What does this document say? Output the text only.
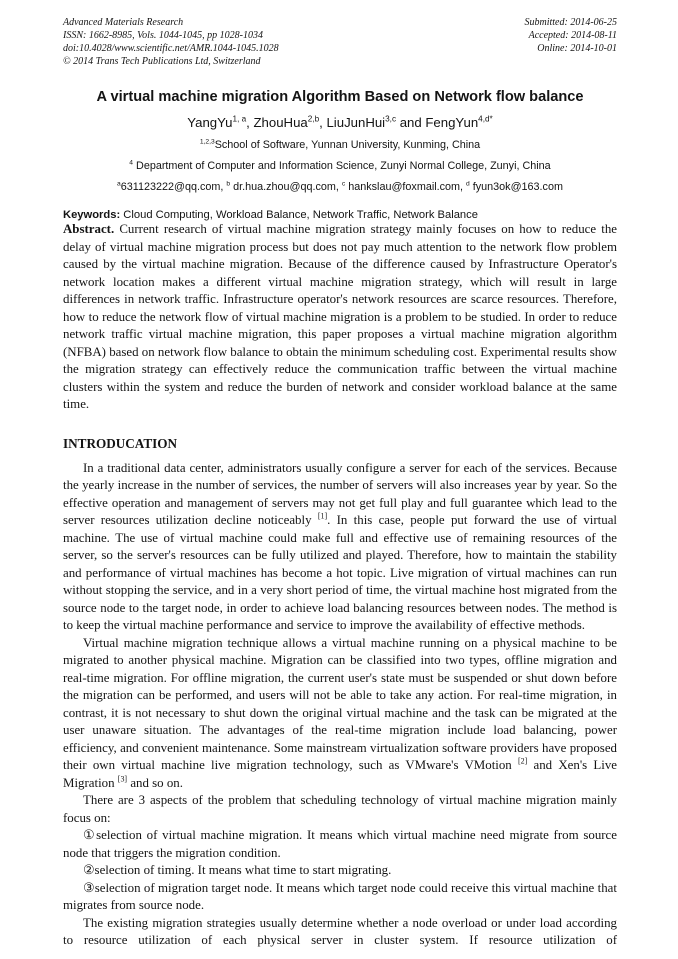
Advanced Materials Research
ISSN: 1662-8985, Vols. 1044-1045, pp 1028-1034
doi:10.4028/www.scientific.net/AMR.1044-1045.1028
© 2014 Trans Tech Publications Ltd, Switzerland
Submitted: 2014-06-25
Accepted: 2014-08-11
Online: 2014-10-01
A virtual machine migration Algorithm Based on Network flow balance
YangYu$^{1, a}$, ZhouHua$^{2,b}$, LiuJunHui$^{3,c}$ and FengYun$^{4,d*}$
$^{1,2,3}$School of Software, Yunnan University, Kunming, China
$^4$ Department of Computer and Information Science, Zunyi Normal College, Zunyi, China
$^a$631123222@qq.com, $^b$ dr.hua.zhou@qq.com, $^c$ hankslau@foxmail.com, $^d$ fyun3ok@163.com
Keywords: Cloud Computing, Workload Balance, Network Traffic, Network Balance

Abstract. Current research of virtual machine migration strategy mainly focuses on how to reduce the delay of virtual machine migration process but does not pay much attention to the network flow problem caused by the virtual machine migration. Because of the difference caused by Infrastructure Operator's network location makes a different virtual machine migration strategy, which will result in large differences in network traffic. Infrastructure operator's network resources are scarce resources. Therefore, how to reduce the network flow of virtual machine migration is a problem to be studied. In order to reduce network traffic virtual machine migration, this paper proposes a virtual machine migration algorithm (NFBA) based on network flow balance to obtain the minimum scheduling cost. Experimental results show the migration strategy can effectively reduce the communication traffic between the virtual machine clusters within the system and reduce the burden of network and consider workload balance at the same time.

INTRODUCATION

In a traditional data center, administrators usually configure a server for each of the services. Because the yearly increase in the number of services, the number of servers will also increases year by year. So the effective operation and management of servers may not get full play and full guarantee which lead to the server resources utilization decline noticeably [1]. In this case, people put forward the use of virtual machine. The use of virtual machine could make full and effective use of remaining resources of the server, so the server's resources can be fully utilized and played. Therefore, how to maintain the stability and performance of virtual machines has become a hot topic. Live migration of virtual machines can run without stopping the service, and in a very short period of time, the virtual machine host migrated from the source node to the target node, in order to achieve load balancing resources between nodes. The method is to keep the virtual machine performance and service to improve the availability of effective methods.

Virtual machine migration technique allows a virtual machine running on a physical machine to be migrated to another physical machine. Migration can be classified into two types, offline migration and real-time migration. For offline migration, the current user's state must be suspended or shut down before the migration can be performed, and users will not be able to take any action. For real-time migration, in contrast, it is not necessary to shut down the original virtual machine and the task can be migrated at the user unaware situation. The advantages of the real-time migration include load balancing, power efficiency, and convenient maintenance. Some mainstream virtualization software providers have proposed their own virtual machine live migration technology, such as VMware's VMotion [2] and Xen's Live Migration [3] and so on.

There are 3 aspects of the problem that scheduling technology of virtual machine migration mainly focus on:

①selection of virtual machine migration. It means which virtual machine need migrate from source node that triggers the migration condition.

②selection of timing. It means what time to start migrating.

③selection of migration target node. It means which target node could receive this virtual machine that migrates from source node.

The existing migration strategies usually determine whether a node overload or under load according to resource utilization of each physical server in cluster system. If resource utilization of
